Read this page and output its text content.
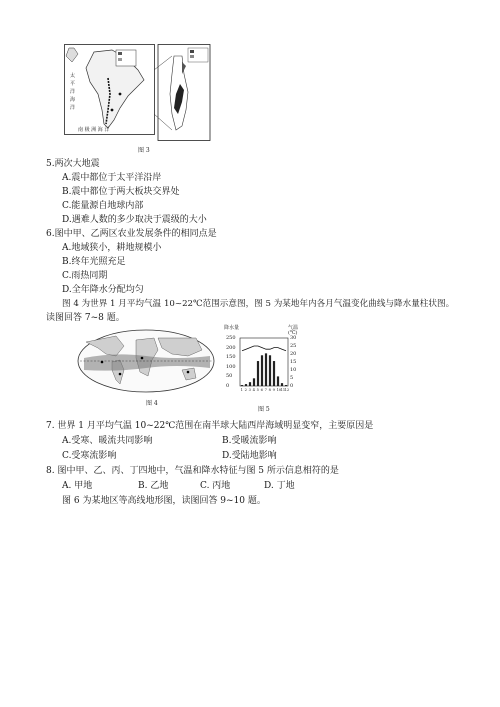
太
平
洋
海
洋
南 极 洲 海 洋
图 3
5.两次大地震
A.震中都位于太平洋沿岸
B.震中都位于两大板块交界处
C.能量源自地球内部
D.遇难人数的多少取决于震级的大小
6.图中甲、乙两区农业发展条件的相同点是
A.地域狭小，耕地规模小
B.终年光照充足
C.雨热同期
D.全年降水分配均匀
图 4 为世界 1 月平均气温 10~22℃范围示意图，图 5 为某地年内各月气温变化曲线与降水量柱状图。
读图回答 7~8 题。
图 4
降水量	气温
(℃)
250
200
150
100
50
0
30
25
20
15
10
5
0
1 2 3 4 5 6 7 8 9 10 11 12
图 5
7. 世界 1 月平均气温 10~22℃范围在南半球大陆西岸海域明显变窄，主要原因是
A.受寒、暖流共同影响	B.受暖流影响
C.受寒流影响	D.受陆地影响
8. 图中甲、乙、丙、丁四地中，气温和降水特征与图 5 所示信息相符的是
A. 甲地	B. 乙地	C. 丙地	D. 丁地
图 6 为某地区等高线地形图，读图回答 9~10 题。
